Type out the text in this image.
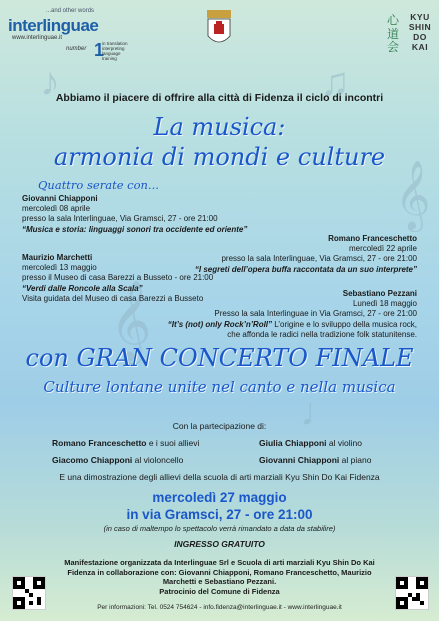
♪	♫
𝄞
𝄞
♩
...and other words
interlinguae
www.interlinguae.it
number 1
in translation
interpreting
language training
心
道
会
KYU
SHIN
DO
KAI
Abbiamo il piacere di offrire alla città di Fidenza il ciclo di incontri
La musica:
armonia di mondi e culture
Quattro serate con...
Giovanni Chiapponi
mercoledì 08 aprile
presso la sala Interlinguae, Via Gramsci, 27 - ore 21:00
“Musica e storia: linguaggi sonori tra occidente ed oriente”
Romano Franceschetto
mercoledì 22 aprile
presso la sala Interlinguae, Via Gramsci, 27 - ore 21:00
“I segreti dell’opera buffa raccontata da un suo interprete”
Maurizio Marchetti
mercoledì 13 maggio
presso il Museo di casa Barezzi a Busseto - ore 21:00
“Verdi dalle Roncole alla Scala”
Visita guidata del Museo di casa Barezzi a Busseto
Sebastiano Pezzani
Lunedì 18 maggio
Presso la sala Interlinguae in Via Gramsci, 27 - ore 21:00
“It’s (not) only Rock’n’Roll” L’origine e lo sviluppo della musica rock,
che affonda le radici nella tradizione folk statunitense.
con GRAN CONCERTO FINALE
Culture lontane unite nel canto e nella musica
Con la partecipazione di:
Romano Franceschetto e i suoi allievi	Giulia Chiapponi al violino
Giacomo Chiapponi al violoncello	Giovanni Chiapponi al piano
E una dimostrazione degli allievi della scuola di arti marziali Kyu Shin Do Kai Fidenza
mercoledì 27 maggio
in via Gramsci, 27 - ore 21:00
(in caso di maltempo lo spettacolo verrà rimandato a data da stabilire)
INGRESSO GRATUITO
Manifestazione organizzata da Interlinguae Srl e Scuola di arti marziali Kyu Shin Do Kai
Fidenza in collaborazione con: Giovanni Chiapponi, Romano Franceschetto, Maurizio
Marchetti e Sebastiano Pezzani.
Patrocinio del Comune di Fidenza
Per informazioni: Tel. 0524 754624 - info.fidenza@interlinguae.it - www.interlinguae.it
